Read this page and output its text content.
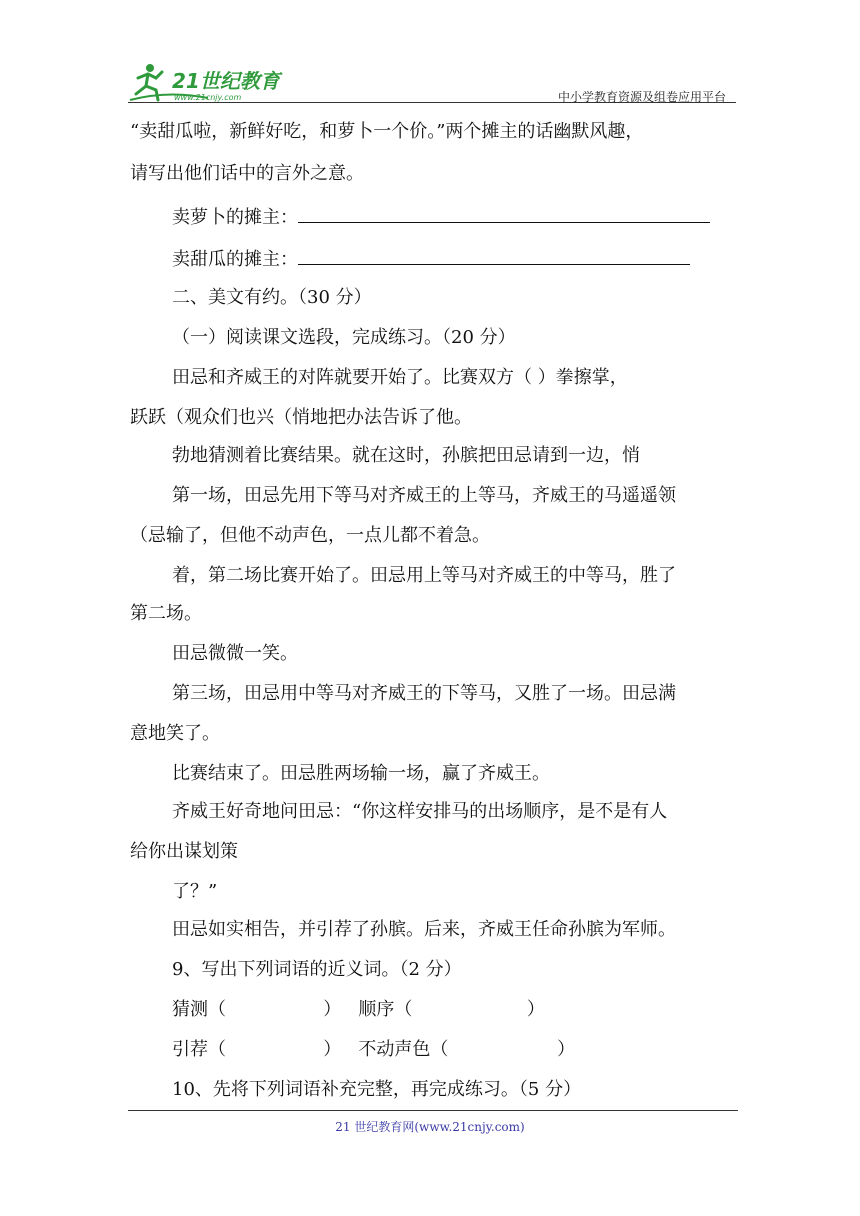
21世纪教育
www.21cnjy.com	中小学教育资源及组卷应用平台
“卖甜瓜啦，新鲜好吃，和萝卜一个价。”两个摊主的话幽默风趣，
请写出他们话中的言外之意。
卖萝卜的摊主：
卖甜瓜的摊主：
二、美文有约。（30 分）
（一）阅读课文选段，完成练习。（20 分）
田忌和齐威王的对阵就要开始了。比赛双方（ ）拳擦掌，
跃跃（观众们也兴（悄地把办法告诉了他。
勃地猜测着比赛结果。就在这时，孙膑把田忌请到一边，悄
第一场，田忌先用下等马对齐威王的上等马，齐威王的马遥遥领
（忌输了，但他不动声色，一点儿都不着急。
着，第二场比赛开始了。田忌用上等马对齐威王的中等马，胜了
第二场。
田忌微微一笑。
第三场，田忌用中等马对齐威王的下等马，又胜了一场。田忌满
意地笑了。
比赛结束了。田忌胜两场输一场，赢了齐威王。
齐威王好奇地问田忌：“你这样安排马的出场顺序，是不是有人
给你出谋划策
了？”
田忌如实相告，并引荐了孙膑。后来，齐威王任命孙膑为军师。
9、写出下列词语的近义词。（2 分）
猜测（                 ）   顺序（                    ）
引荐（                 ）   不动声色（                   ）
10、先将下列词语补充完整，再完成练习。（5 分）
21 世纪教育网(www.21cnjy.com)
